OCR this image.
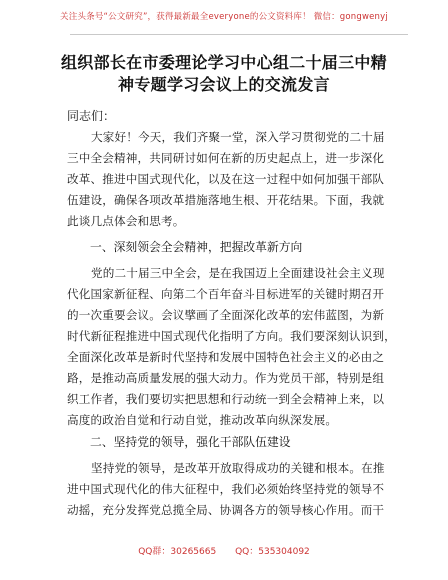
关注头条号“公文研究”，获得最新最全everyone的公文资料库！ 微信：gongwenyj
组织部长在市委理论学习中心组二十届三中精
神专题学习会议上的交流发言
同志们：
大家好！今天，我们齐聚一堂，深入学习贯彻党的二十届
三中全会精神，共同研讨如何在新的历史起点上，进一步深化
改革、推进中国式现代化，以及在这一过程中如何加强干部队
伍建设，确保各项改革措施落地生根、开花结果。下面，我就
此谈几点体会和思考。
一、深刻领会全会精神，把握改革新方向
党的二十届三中全会，是在我国迈上全面建设社会主义现
代化国家新征程、向第二个百年奋斗目标进军的关键时期召开
的一次重要会议。会议擘画了全面深化改革的宏伟蓝图，为新
时代新征程推进中国式现代化指明了方向。我们要深刻认识到，
全面深化改革是新时代坚持和发展中国特色社会主义的必由之
路，是推动高质量发展的强大动力。作为党员干部，特别是组
织工作者，我们要切实把思想和行动统一到全会精神上来，以
高度的政治自觉和行动自觉，推动改革向纵深发展。
二、坚持党的领导，强化干部队伍建设
坚持党的领导，是改革开放取得成功的关键和根本。在推
进中国式现代化的伟大征程中，我们必须始终坚持党的领导不
动摇，充分发挥党总揽全局、协调各方的领导核心作用。而干
QQ群：30265665 QQ：535304092
